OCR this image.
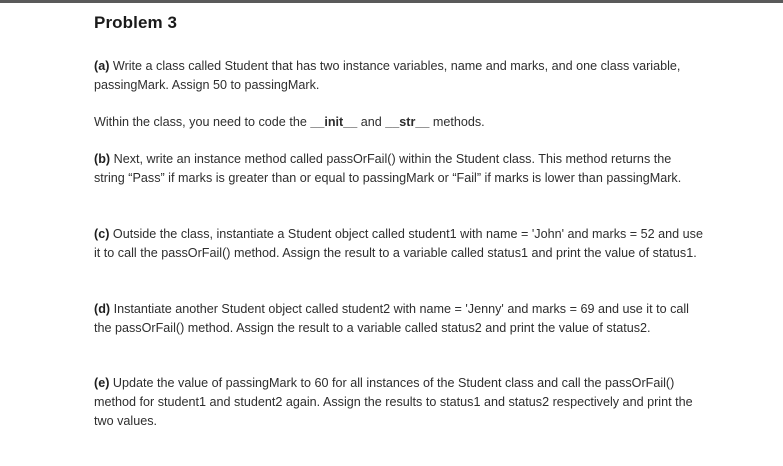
Problem 3
(a) Write a class called Student that has two instance variables, name and marks, and one class variable, passingMark. Assign 50 to passingMark.
Within the class, you need to code the __init__ and __str__ methods.
(b) Next, write an instance method called passOrFail() within the Student class. This method returns the string “Pass” if marks is greater than or equal to passingMark or “Fail” if marks is lower than passingMark.
(c) Outside the class, instantiate a Student object called student1 with name = 'John' and marks = 52 and use it to call the passOrFail() method. Assign the result to a variable called status1 and print the value of status1.
(d) Instantiate another Student object called student2 with name = 'Jenny' and marks = 69 and use it to call the passOrFail() method. Assign the result to a variable called status2 and print the value of status2.
(e) Update the value of passingMark to 60 for all instances of the Student class and call the passOrFail() method for student1 and student2 again. Assign the results to status1 and status2 respectively and print the two values.
